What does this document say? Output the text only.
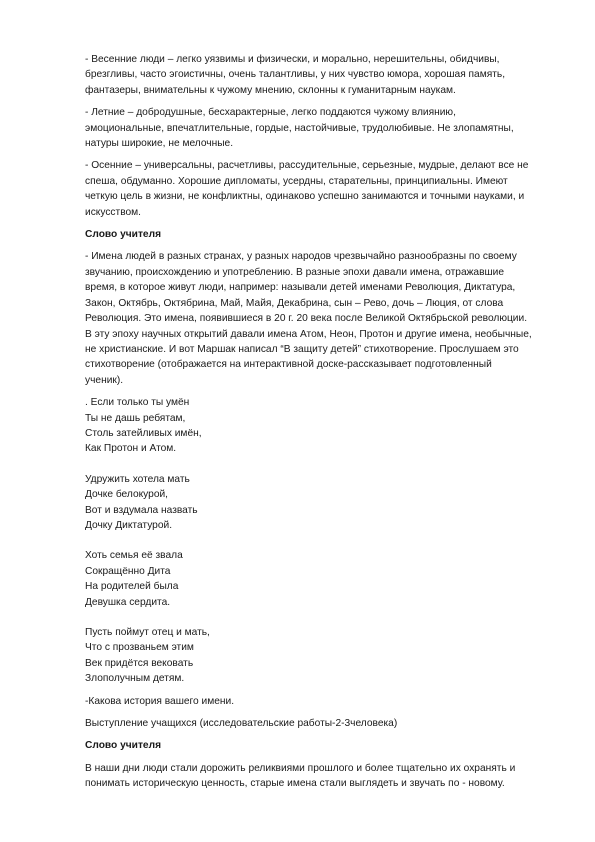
- Весенние люди – легко уязвимы и физически, и морально, нерешительны, обидчивы,
брезгливы, часто эгоистичны, очень талантливы, у них чувство юмора, хорошая память,
фантазеры, внимательны к чужому мнению, склонны к гуманитарным наукам.

- Летние – добродушные, бесхарактерные, легко поддаются чужому влиянию,
эмоциональные, впечатлительные, гордые, настойчивые, трудолюбивые. Не злопамятны,
натуры широкие, не мелочные.

- Осенние – универсальны, расчетливы, рассудительные, серьезные, мудрые, делают все не
спеша, обдуманно. Хорошие дипломаты, усердны, старательны, принципиальны. Имеют
четкую цель в жизни, не конфликтны, одинаково успешно занимаются и точными науками, и
искусством.

Слово учителя

- Имена людей в разных странах, у разных народов чрезвычайно разнообразны по своему
звучанию, происхождению и употреблению. В разные эпохи давали имена, отражавшие
время, в которое живут люди, например: называли детей именами Революция, Диктатура,
Закон, Октябрь, Октябрина, Май, Майя, Декабрина, сын – Рево, дочь – Люция, от слова
Революция. Это имена, появившиеся в 20 г. 20 века после Великой Октябрьской революции.
В эту эпоху научных открытий давали имена Атом, Неон, Протон и другие имена, необычные,
не христианские. И вот Маршак написал “В защиту детей” стихотворение. Прослушаем это
стихотворение (отображается на интерактивной доске-рассказывает подготовленный
ученик).

. Если только ты умён
Ты не дашь ребятам,
Столь затейливых имён,
Как Протон и Атом.
Удружить хотела мать
Дочке белокурой,
Вот и вздумала назвать
Дочку Диктатурой.
Хоть семья её звала
Сокращённо Дита
На родителей была
Девушка сердита.
Пусть поймут отец и мать,
Что с прозваньем этим
Век придётся вековать
Злополучным детям.

-Какова история вашего имени.

Выступление учащихся (исследовательские работы-2-3человека)

Слово учителя

В наши дни люди стали дорожить реликвиями прошлого и более тщательно их охранять и
понимать историческую ценность, старые имена стали выглядеть и звучать по - новому.
